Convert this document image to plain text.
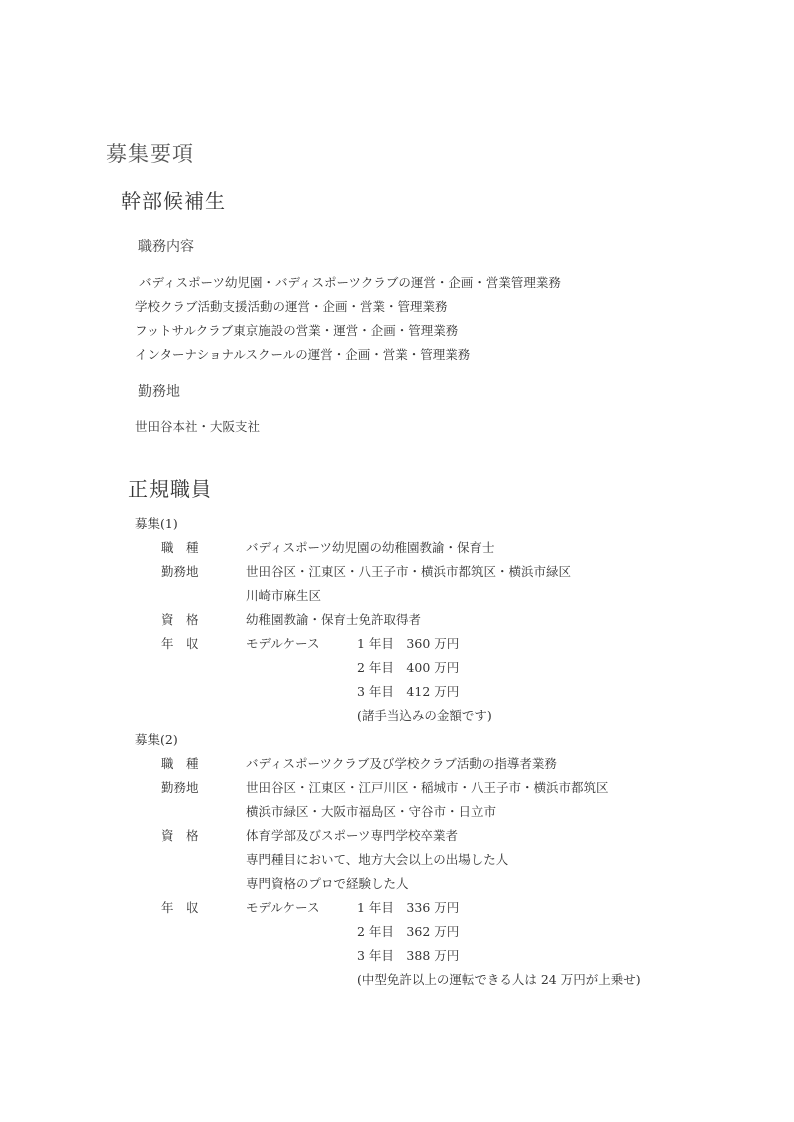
募集要項
幹部候補生
職務内容
バディスポーツ幼児園・バディスポーツクラブの運営・企画・営業管理業務
学校クラブ活動支援活動の運営・企画・営業・管理業務
フットサルクラブ東京施設の営業・運営・企画・管理業務
インターナショナルスクールの運営・企画・営業・管理業務
勤務地
世田谷本社・大阪支社
正規職員
募集(1)
職　種	バディスポーツ幼児園の幼稚園教諭・保育士
勤務地	世田谷区・江東区・八王子市・横浜市都筑区・横浜市緑区
川崎市麻生区
資　格	幼稚園教諭・保育士免許取得者
年　収	モデルケース	1 年目　360 万円
2 年目　400 万円
3 年目　412 万円
(諸手当込みの金額です)
募集(2)
職　種	バディスポーツクラブ及び学校クラブ活動の指導者業務
勤務地	世田谷区・江東区・江戸川区・稲城市・八王子市・横浜市都筑区
横浜市緑区・大阪市福島区・守谷市・日立市
資　格	体育学部及びスポーツ専門学校卒業者
専門種目において、地方大会以上の出場した人
専門資格のプロで経験した人
年　収	モデルケース	1 年目　336 万円
2 年目　362 万円
3 年目　388 万円
(中型免許以上の運転できる人は 24 万円が上乗せ)
